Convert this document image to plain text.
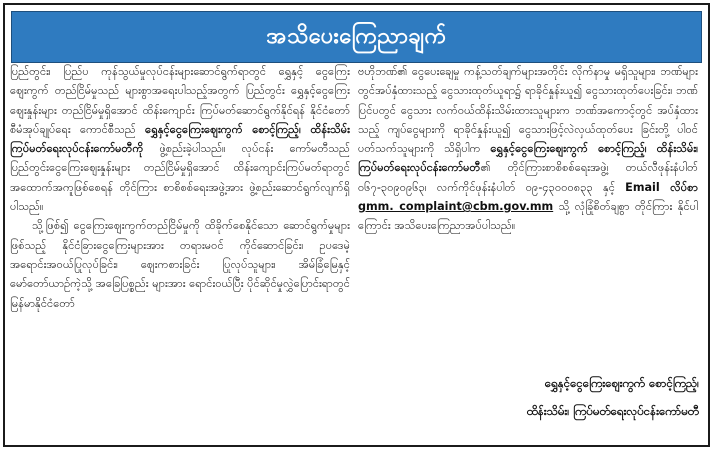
အသိပေးကြေညာချက်

ပြည်တွင်း၊ ပြည်ပ ကုန်သွယ်မှုလုပ်ငန်းများဆောင်ရွက်ရာတွင် ရွှေနှင့် ငွေကြေးဈေးကွက် တည်ငြိမ်မှုသည် များစွာအရေးပါသည့်အတွက် ပြည်တွင်း ရွှေနှင့်ငွေကြေးဈေးနှုန်းများ တည်ငြိမ်မှုရှိအောင် ထိန်းကျောင်း ကြပ်မတ်ဆောင်ရွက်နိုင်ရန် နိုင်ငံတော်စီမံအုပ်ချုပ်ရေး ကောင်စီသည် ရွှေနှင့်ငွေကြေးဈေးကွက် စောင့်ကြည့်၊ ထိန်းသိမ်း ကြပ်မတ်ရေးလုပ်ငန်းကော်မတီကို ဖွဲ့စည်းခဲ့ပါသည်။ လုပ်ငန်း ကော်မတီသည် ပြည်တွင်းငွေကြေးဈေးနှုန်းများ တည်ငြိမ်မှုရှိအောင် ထိန်းကျောင်းကြပ်မတ်ရာတွင် အထောက်အကူဖြစ်စေရန် တိုင်ကြား စာစိစစ်ရေးအဖွဲ့အား ဖွဲ့စည်းဆောင်ရွက်လျက်ရှိပါသည်။

သို့ဖြစ်၍ ငွေကြေးဈေးကွက်တည်ငြိမ်မှုကို ထိခိုက်စေနိုင်သော ဆောင်ရွက်မှုများဖြစ်သည့် နိုင်ငံခြားငွေကြေးများအား တရားမဝင် ကိုင်ဆောင်ခြင်း၊ ဥပဒေမဲ့အရောင်းအဝယ်ပြုလုပ်ခြင်း၊ ဈေးကစားခြင်း ပြုလုပ်သူများ၊ အိမ်ခြံမြေနှင့် မော်တော်ယာဉ်ကဲ့သို့ အခြေပြစ္စည်း များအား ရောင်းဝယ်ပြီး ပိုင်ဆိုင်မှုလွှဲပြောင်းရာတွင် မြန်မာနိုင်ငံတော်

ဗဟိုဘဏ်၏ ငွေပေးချေမှု ကန့်သတ်ချက်များအတိုင်း လိုက်နာမှု မရှိသူများ၊ ဘဏ်များတွင်အပ်နှံထားသည့် ငွေသားထုတ်ယူရာ၌ ရာခိုင်နှုန်းယူ၍ ငွေသားထုတ်ပေးခြင်း၊ ဘဏ်ပြင်ပတွင် ငွေသား လက်ဝယ်ထိန်းသိမ်းထားသူများက ဘဏ်အကောင့်တွင် အပ်နှံထား သည့် ကျပ်ငွေများကို ရာခိုင်နှုန်းယူ၍ ငွေသားဖြင့်လဲလှယ်ထုတ်ပေး ခြင်းတို့ ပါဝင်ပတ်သက်သူများကို သိရှိပါက ရွှေနှင့်ငွေကြေးဈေးကွက် စောင့်ကြည့်၊ ထိန်းသိမ်း၊ ကြပ်မတ်ရေးလုပ်ငန်းကော်မတီ၏ တိုင်ကြားစာစိစစ်ရေးအဖွဲ့၊ တယ်လီဖုန်းနံပါတ် ၀၆၇-၃၀၉၀၉၆၃၊ လက်ကိုင်ဖုန်းနံပါတ် ၀၉-၄၃၀၀၀၈၃၃ နှင့် Email လိပ်စာ gmm. complaint@cbm.gov.mm သို့ လုံခြုံစိတ်ချစွာ တိုင်ကြား နိုင်ပါကြောင်း အသိပေးကြေညာအပ်ပါသည်။

ရွှေနှင့်ငွေကြေးဈေးကွက် စောင့်ကြည့်၊
ထိန်းသိမ်း၊ ကြပ်မတ်ရေးလုပ်ငန်းကော်မတီ
